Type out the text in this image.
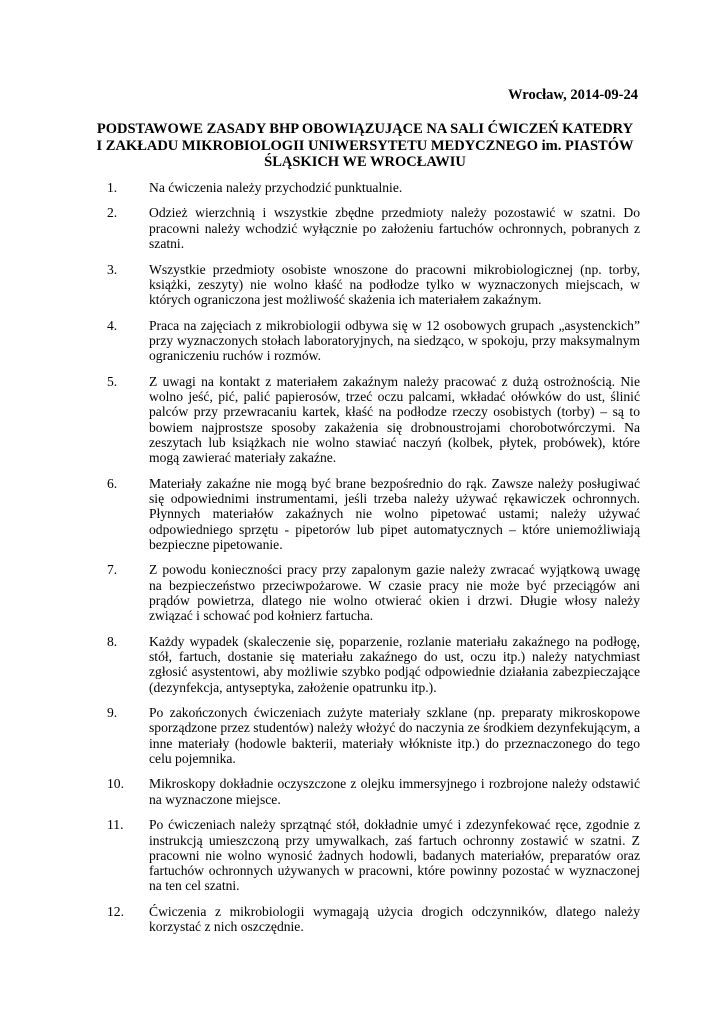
Wrocław, 2014-09-24
PODSTAWOWE ZASADY BHP OBOWIĄZUJĄCE NA SALI ĆWICZEŃ KATEDRY
I ZAKŁADU MIKROBIOLOGII UNIWERSYTETU MEDYCZNEGO im. PIASTÓW
ŚLĄSKICH WE WROCŁAWIU
1.	Na ćwiczenia należy przychodzić punktualnie.

2.	Odzież wierzchnią i wszystkie zbędne przedmioty należy pozostawić w szatni. Do pracowni należy wchodzić wyłącznie po założeniu fartuchów ochronnych, pobranych z szatni.

3.	Wszystkie przedmioty osobiste wnoszone do pracowni mikrobiologicznej (np. torby, książki, zeszyty) nie wolno kłaść na podłodze tylko w wyznaczonych miejscach, w których ograniczona jest możliwość skażenia ich materiałem zakaźnym.

4.	Praca na zajęciach z mikrobiologii odbywa się w 12 osobowych grupach „asystenckich” przy wyznaczonych stołach laboratoryjnych, na siedząco, w spokoju, przy maksymalnym ograniczeniu ruchów i rozmów.

5.	Z uwagi na kontakt z materiałem zakaźnym należy pracować z dużą ostrożnością. Nie wolno jeść, pić, palić papierosów, trzeć oczu palcami, wkładać ołówków do ust, ślinić palców przy przewracaniu kartek, kłaść na podłodze rzeczy osobistych (torby) – są to bowiem najprostsze sposoby zakażenia się drobnoustrojami chorobotwórczymi. Na zeszytach lub książkach nie wolno stawiać naczyń (kolbek, płytek, probówek), które mogą zawierać materiały zakaźne.

6.	Materiały zakaźne nie mogą być brane bezpośrednio do rąk. Zawsze należy posługiwać się odpowiednimi instrumentami, jeśli trzeba należy używać rękawiczek ochronnych. Płynnych materiałów zakaźnych nie wolno pipetować ustami; należy używać odpowiedniego sprzętu - pipetorów lub pipet automatycznych – które uniemożliwiają bezpieczne pipetowanie.

7.	Z powodu konieczności pracy przy zapalonym gazie należy zwracać wyjątkową uwagę na bezpieczeństwo przeciwpożarowe. W czasie pracy nie może być przeciągów ani prądów powietrza, dlatego nie wolno otwierać okien i drzwi. Długie włosy należy związać i schować pod kołnierz fartucha.

8.	Każdy wypadek (skaleczenie się, poparzenie, rozlanie materiału zakaźnego na podłogę, stół, fartuch, dostanie się materiału zakaźnego do ust, oczu itp.) należy natychmiast zgłosić asystentowi, aby możliwie szybko podjąć odpowiednie działania zabezpieczające (dezynfekcja, antyseptyka, założenie opatrunku itp.).

9.	Po zakończonych ćwiczeniach zużyte materiały szklane (np. preparaty mikroskopowe sporządzone przez studentów) należy włożyć do naczynia ze środkiem dezynfekującym, a inne materiały (hodowle bakterii, materiały włókniste itp.) do przeznaczonego do tego celu pojemnika.

10.	Mikroskopy dokładnie oczyszczone z olejku immersyjnego i rozbrojone należy odstawić na wyznaczone miejsce.

11.	Po ćwiczeniach należy sprzątnąć stół, dokładnie umyć i zdezynfekować ręce, zgodnie z instrukcją umieszczoną przy umywalkach, zaś fartuch ochronny zostawić w szatni. Z pracowni nie wolno wynosić żadnych hodowli, badanych materiałów, preparatów oraz fartuchów ochronnych używanych w pracowni, które powinny pozostać w wyznaczonej na ten cel szatni.

12.	Ćwiczenia z mikrobiologii wymagają użycia drogich odczynników, dlatego należy korzystać z nich oszczędnie.
